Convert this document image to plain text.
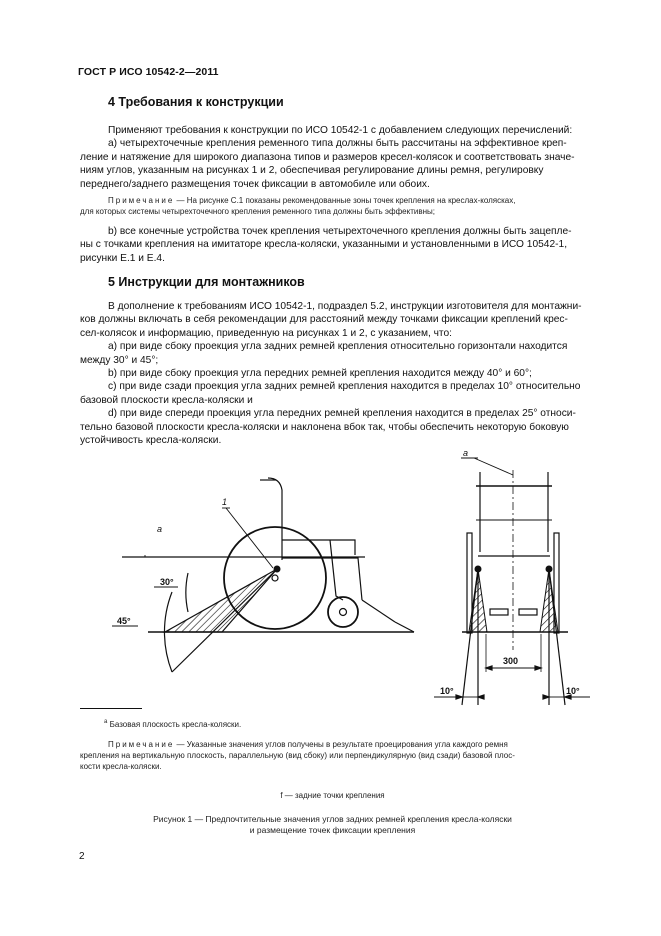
ГОСТ Р ИСО 10542-2—2011
4 Требования к конструкции
Применяют требования к конструкции по ИСО 10542-1 с добавлением следующих перечислений:
а) четырехточечные крепления ременного типа должны быть рассчитаны на эффективное креп-
ление и натяжение для широкого диапазона типов и размеров кресел-колясок и соответствовать значе-
ниям углов, указанным на рисунках 1 и 2, обеспечивая регулирование длины ремня, регулировку
переднего/заднего размещения точек фиксации в автомобиле или обоих.
Примечание — На рисунке С.1 показаны рекомендованные зоны точек крепления на креслах-колясках,
для которых системы четырехточечного крепления ременного типа должны быть эффективны;
b) все конечные устройства точек крепления четырехточечного крепления должны быть зацепле-
ны с точками крепления на имитаторе кресла-коляски, указанными и установленными в ИСО 10542-1,
рисунки Е.1 и Е.4.
5 Инструкции для монтажников
В дополнение к требованиям ИСО 10542-1, подраздел 5.2, инструкции изготовителя для монтажни-
ков должны включать в себя рекомендации для расстояний между точками фиксации креплений крес-
сел-колясок и информацию, приведенную на рисунках 1 и 2, с указанием, что:
а) при виде сбоку проекция угла задних ремней крепления относительно горизонтали находится
между 30° и 45°;
b) при виде сбоку проекция угла передних ремней крепления находится между 40° и 60°;
с) при виде сзади проекция угла задних ремней крепления находится в пределах 10° относительно
базовой плоскости кресла-коляски и
d) при виде спереди проекция угла передних ремней крепления находится в пределах 25° относи-
тельно базовой плоскости кресла-коляски и наклонена вбок так, чтобы обеспечить некоторую боковую
устойчивость кресла-коляски.
a
1
30°
45°
a
300
10°	10°
$^a$ Базовая плоскость кресла-коляски.
Примечание — Указанные значения углов получены в результате проецирования угла каждого ремня
крепления на вертикальную плоскость, параллельную (вид сбоку) или перпендикулярную (вид сзади) базовой плос-
кости кресла-коляски.
f — задние точки крепления
Рисунок 1 — Предпочтительные значения углов задних ремней крепления кресла-коляски
и размещение точек фиксации крепления
2
